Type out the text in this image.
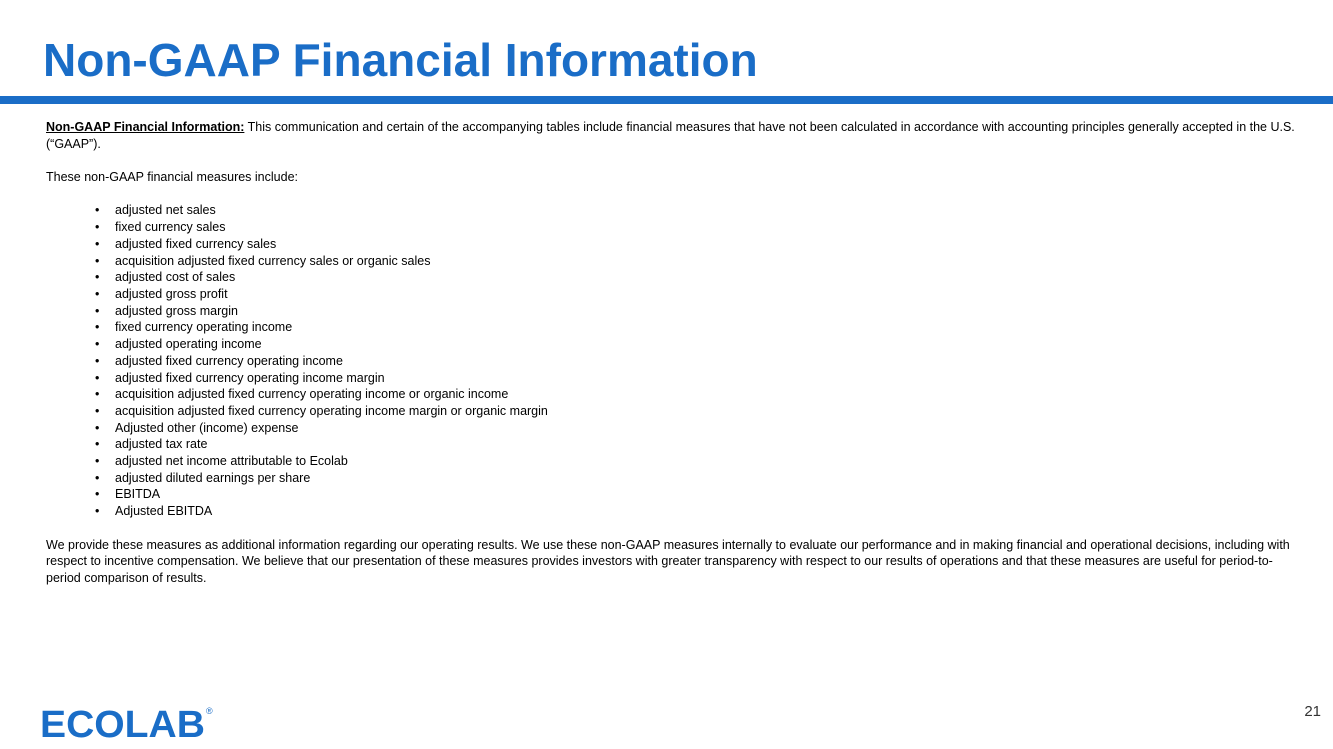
Non-GAAP Financial Information

Non-GAAP Financial Information: This communication and certain of the accompanying tables include financial measures that have not been calculated in accordance with accounting principles generally accepted in the U.S. (“GAAP”).

These non-GAAP financial measures include:

• adjusted net sales
• fixed currency sales
• adjusted fixed currency sales
• acquisition adjusted fixed currency sales or organic sales
• adjusted cost of sales
• adjusted gross profit
• adjusted gross margin
• fixed currency operating income
• adjusted operating income
• adjusted fixed currency operating income
• adjusted fixed currency operating income margin
• acquisition adjusted fixed currency operating income or organic income
• acquisition adjusted fixed currency operating income margin or organic margin
• Adjusted other (income) expense
• adjusted tax rate
• adjusted net income attributable to Ecolab
• adjusted diluted earnings per share
• EBITDA
• Adjusted EBITDA

We provide these measures as additional information regarding our operating results. We use these non-GAAP measures internally to evaluate our performance and in making financial and operational decisions, including with respect to incentive compensation. We believe that our presentation of these measures provides investors with greater transparency with respect to our results of operations and that these measures are useful for period-to-period comparison of results.

ECOLAB ®	21
